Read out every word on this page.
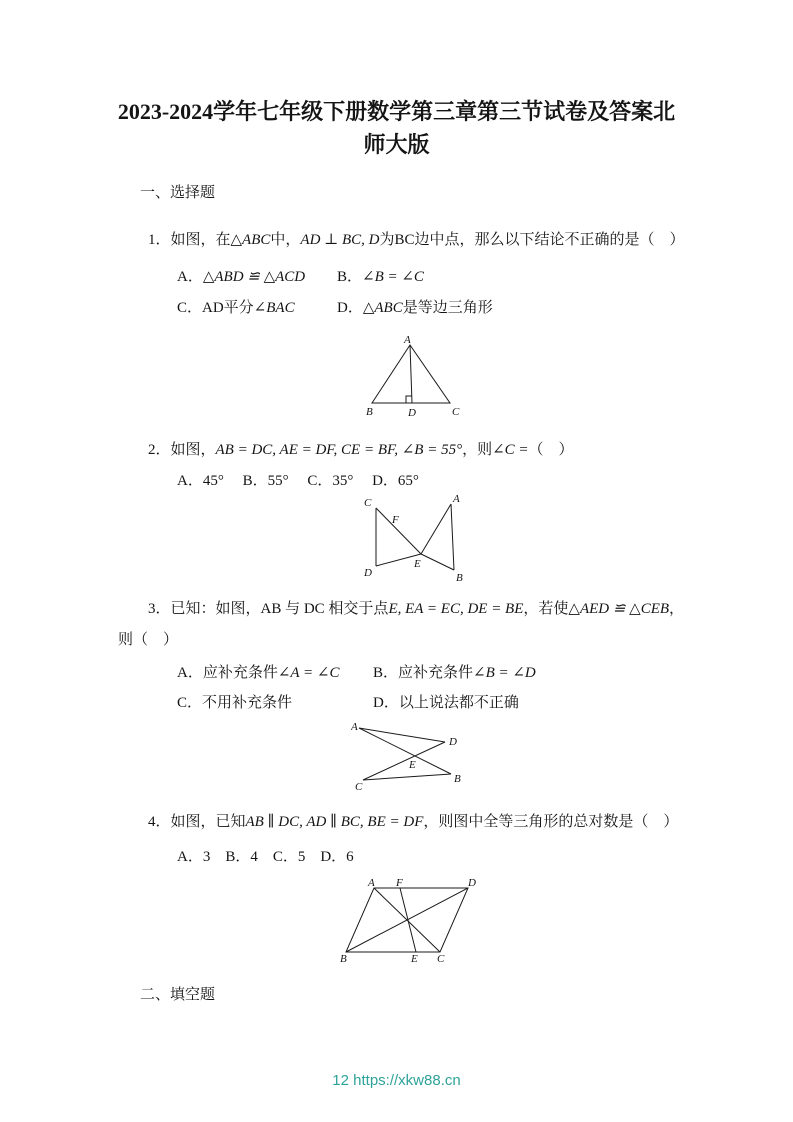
2023-2024学年七年级下册数学第三章第三节试卷及答案北师大版
一、选择题

1．如图，在△ABC中，AD ⊥ BC, D为BC边中点，那么以下结论不正确的是（　）

A．△ABD ≌ △ACD B．∠B = ∠C

C．AD平分∠BAC	D．△ABC是等边三角形

A
B	D	C

2．如图，AB = DC, AE = DF, CE = BF, ∠B = 55°，则∠C =（　）

A．45°　 B．55°　 C．35°　 D．65°

C
F
A
D
E
B

3．已知：如图，AB 与 DC 相交于点E, EA = EC, DE = BE，若使△AED ≌ △CEB，

则（　）

A．应补充条件∠A = ∠C B．应补充条件∠B = ∠D

C．不用补充条件	D．以上说法都不正确

A
D
E
C
B

4．如图，已知AB ∥ DC, AD ∥ BC, BE = DF，则图中全等三角形的总对数是（　）

A．3　B．4　C．5　D．6

A F	D
B	E C
二、填空题
12 https://xkw88.cn
